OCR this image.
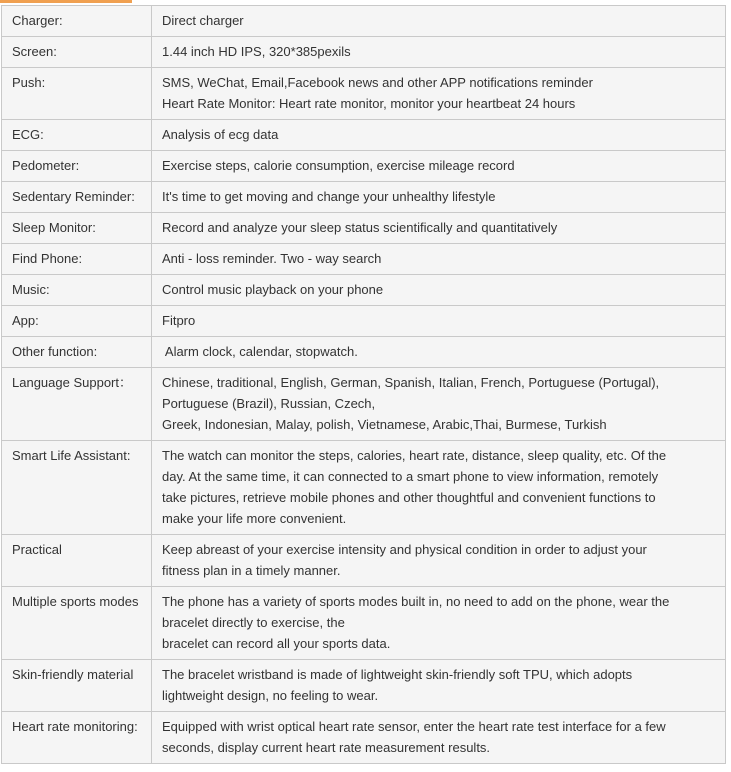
Charger:	Direct charger

Screen:	1.44 inch HD IPS, 320*385pexils

Push:	SMS, WeChat, Email,Facebook news and other APP notifications reminder
Heart Rate Monitor: Heart rate monitor, monitor your heartbeat 24 hours

ECG:	Analysis of ecg data

Pedometer:	Exercise steps, calorie consumption, exercise mileage record

Sedentary Reminder:	It's time to get moving and change your unhealthy lifestyle

Sleep Monitor:	Record and analyze your sleep status scientifically and quantitatively

Find Phone:	Anti - loss reminder. Two - way search

Music:	Control music playback on your phone

App:	Fitpro

Other function:	Alarm clock, calendar, stopwatch.

Language Support：	Chinese, traditional, English, German, Spanish, Italian, French, Portuguese (Portugal),
Portuguese (Brazil), Russian, Czech,
Greek, Indonesian, Malay, polish, Vietnamese, Arabic,Thai, Burmese, Turkish

Smart Life Assistant:	The watch can monitor the steps, calories, heart rate, distance, sleep quality, etc. Of the
day. At the same time, it can connected to a smart phone to view information, remotely
take pictures, retrieve mobile phones and other thoughtful and convenient functions to
make your life more convenient.

Practical	Keep abreast of your exercise intensity and physical condition in order to adjust your
fitness plan in a timely manner.

Multiple sports modes	The phone has a variety of sports modes built in, no need to add on the phone, wear the
bracelet directly to exercise, the
bracelet can record all your sports data.

Skin-friendly material	The bracelet wristband is made of lightweight skin-friendly soft TPU, which adopts
lightweight design, no feeling to wear.

Heart rate monitoring:	Equipped with wrist optical heart rate sensor, enter the heart rate test interface for a few
seconds, display current heart rate measurement results.
